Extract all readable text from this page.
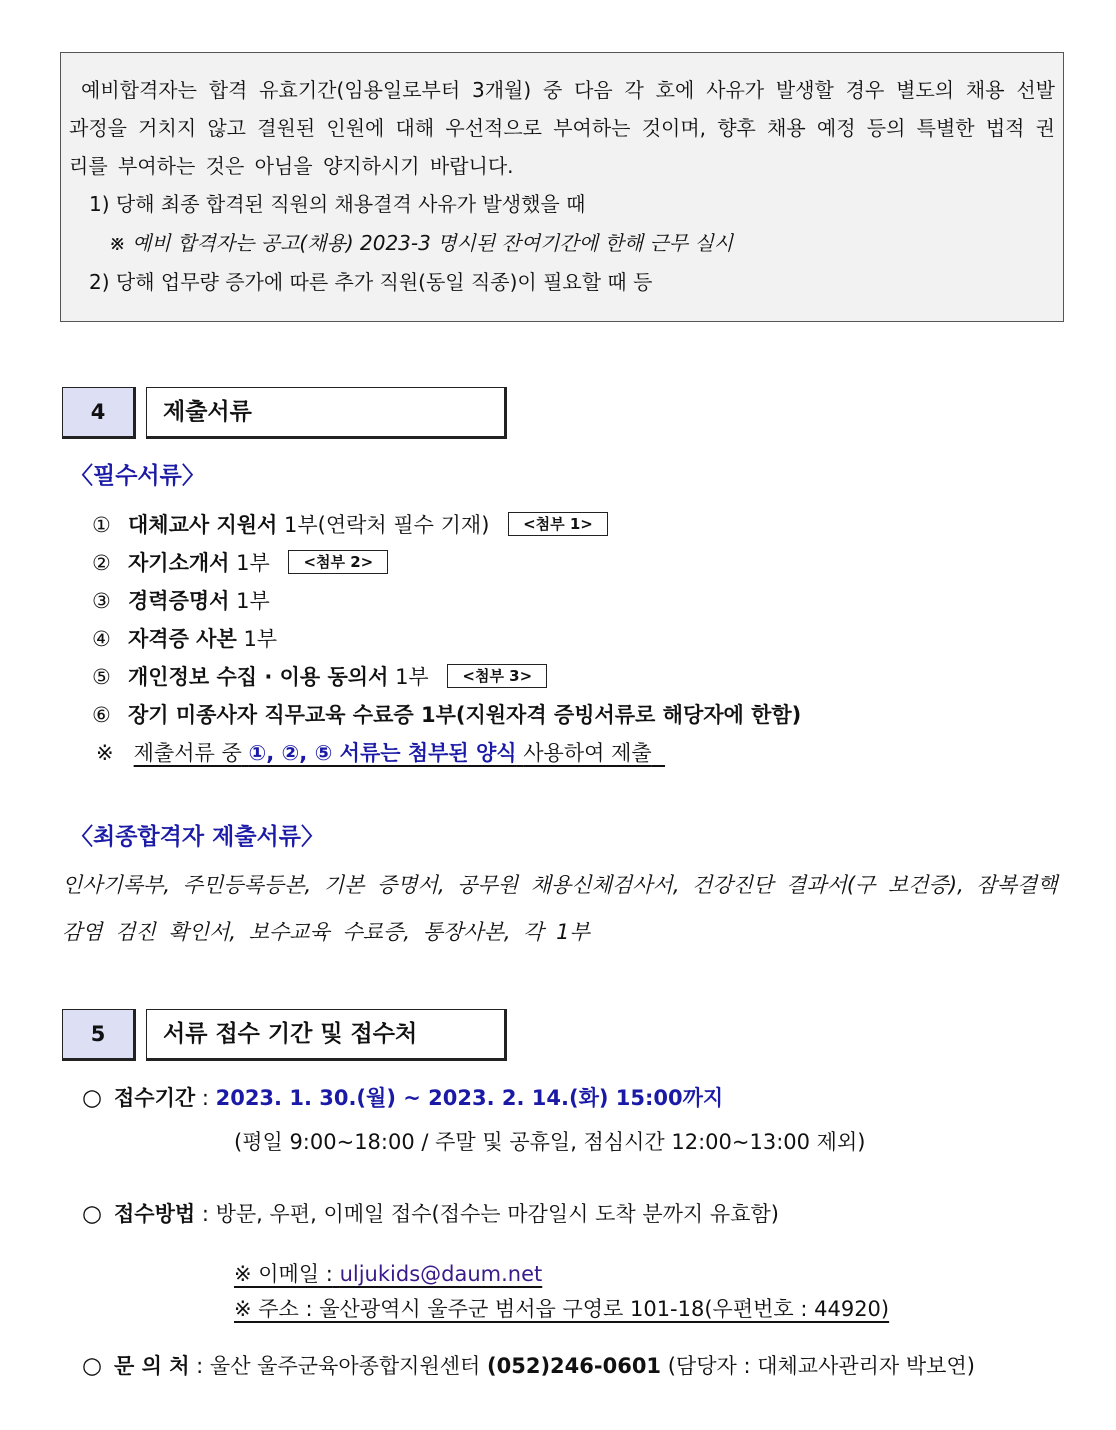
예비합격자는 합격 유효기간(임용일로부터 3개월) 중 다음 각 호에 사유가 발생할 경우 별도의 채용 선발과정을 거치지 않고 결원된 인원에 대해 우선적으로 부여하는 것이며, 향후 채용 예정 등의 특별한 법적 권리를 부여하는 것은 아님을 양지하시기 바랍니다.
1) 당해 최종 합격된 직원의 채용결격 사유가 발생했을 때
※ 예비 합격자는 공고(채용) 2023-3 명시된 잔여기간에 한해 근무 실시
2) 당해 업무량 증가에 따른 추가 직원(동일 직종)이 필요할 때 등
4	제출서류
〈필수서류〉
① 대체교사 지원서 1부(연락처 필수 기재) <첨부 1>
② 자기소개서 1부 <첨부 2>
③ 경력증명서 1부
④ 자격증 사본 1부
⑤ 개인정보 수집 · 이용 동의서 1부 <첨부 3>
⑥ 장기 미종사자 직무교육 수료증 1부(지원자격 증빙서류로 해당자에 한함)
※ 제출서류 중 ①, ②, ⑤ 서류는 첨부된 양식 사용하여 제출
〈최종합격자 제출서류〉
인사기록부, 주민등록등본, 기본 증명서, 공무원 채용신체검사서, 건강진단 결과서(구 보건증), 잠복결핵감염 검진 확인서, 보수교육 수료증, 통장사본, 각 1부
5	서류 접수 기간 및 접수처
○ 접수기간 : 2023. 1. 30.(월) ~ 2023. 2. 14.(화) 15:00까지
(평일 9:00~18:00 / 주말 및 공휴일, 점심시간 12:00~13:00 제외)
○ 접수방법 : 방문, 우편, 이메일 접수(접수는 마감일시 도착 분까지 유효함)
※ 이메일 : uljukids@daum.net
※ 주소 : 울산광역시 울주군 범서읍 구영로 101-18(우편번호 : 44920)
○ 문 의 처 : 울산 울주군육아종합지원센터 (052)246-0601 (담당자 : 대체교사관리자 박보연)
